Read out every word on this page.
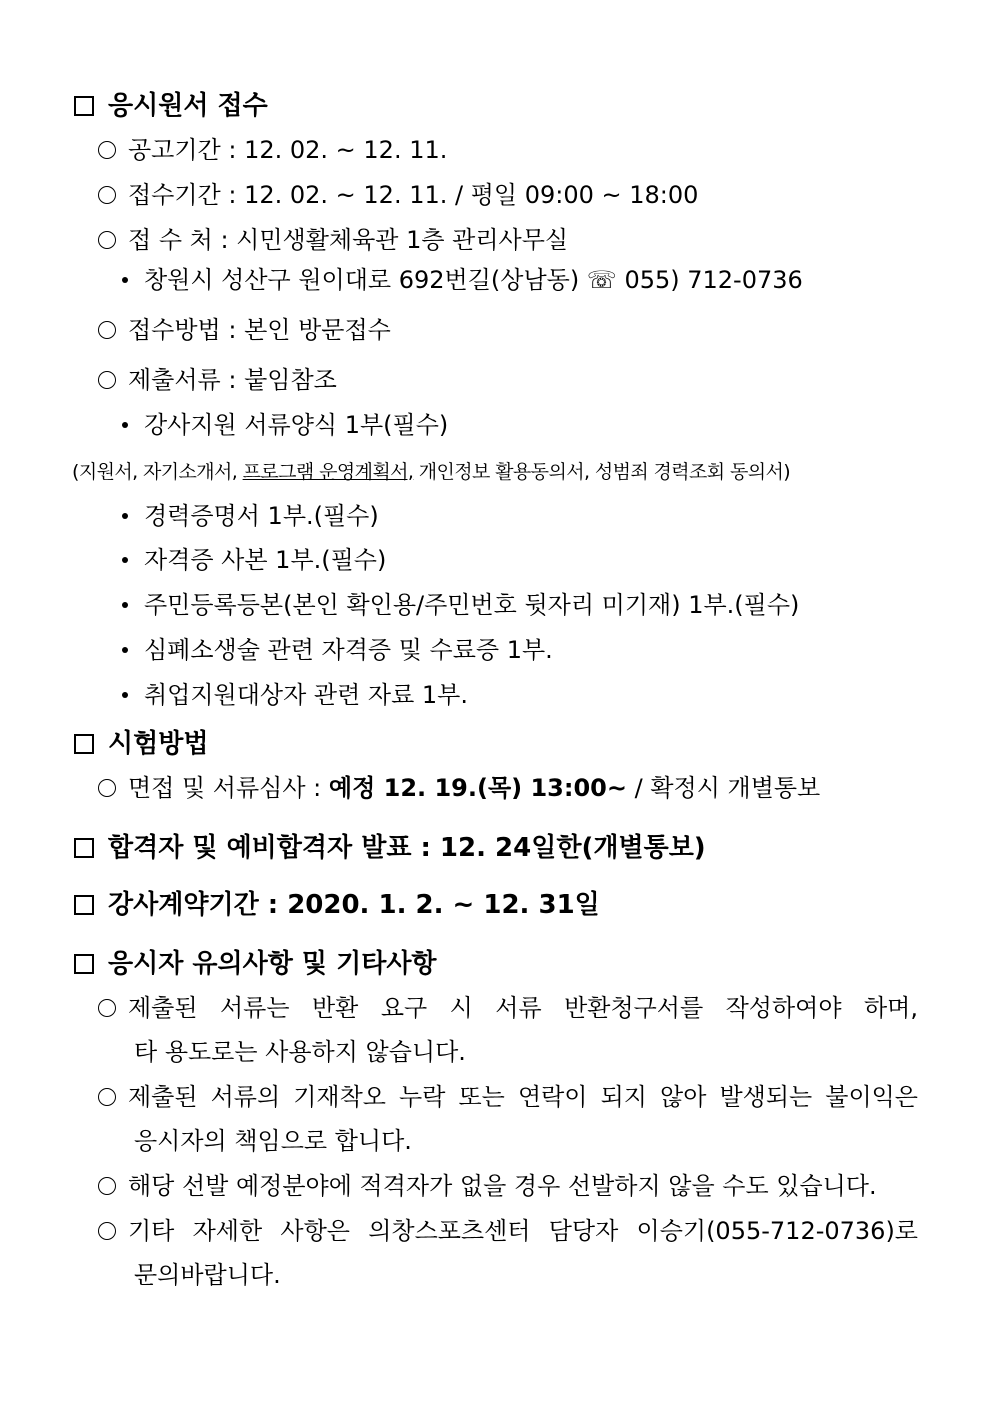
응시원서 접수
공고기간 : 12. 02. ~ 12. 11.
접수기간 : 12. 02. ~ 12. 11. / 평일 09:00 ~ 18:00
접 수 처 : 시민생활체육관 1층 관리사무실
창원시 성산구 원이대로 692번길(상남동) ☏ 055) 712-0736
접수방법 : 본인 방문접수
제출서류 : 붙임참조
강사지원 서류양식 1부(필수)
(지원서, 자기소개서, 프로그램 운영계획서, 개인정보 활용동의서, 성범죄 경력조회 동의서)
경력증명서 1부.(필수)
자격증 사본 1부.(필수)
주민등록등본(본인 확인용/주민번호 뒷자리 미기재) 1부.(필수)
심폐소생술 관련 자격증 및 수료증 1부.
취업지원대상자 관련 자료 1부.
시험방법
면접 및 서류심사 : 예정 12. 19.(목) 13:00~ / 확정시 개별통보
합격자 및 예비합격자 발표 : 12. 24일한(개별통보)
강사계약기간 : 2020. 1. 2. ~ 12. 31일
응시자 유의사항 및 기타사항
제출된 서류는 반환 요구 시 서류 반환청구서를 작성하여야 하며,
타 용도로는 사용하지 않습니다.
제출된 서류의 기재착오 누락 또는 연락이 되지 않아 발생되는 불이익은
응시자의 책임으로 합니다.
해당 선발 예정분야에 적격자가 없을 경우 선발하지 않을 수도 있습니다.
기타 자세한 사항은 의창스포츠센터 담당자 이승기(055-712-0736)로
문의바랍니다.
